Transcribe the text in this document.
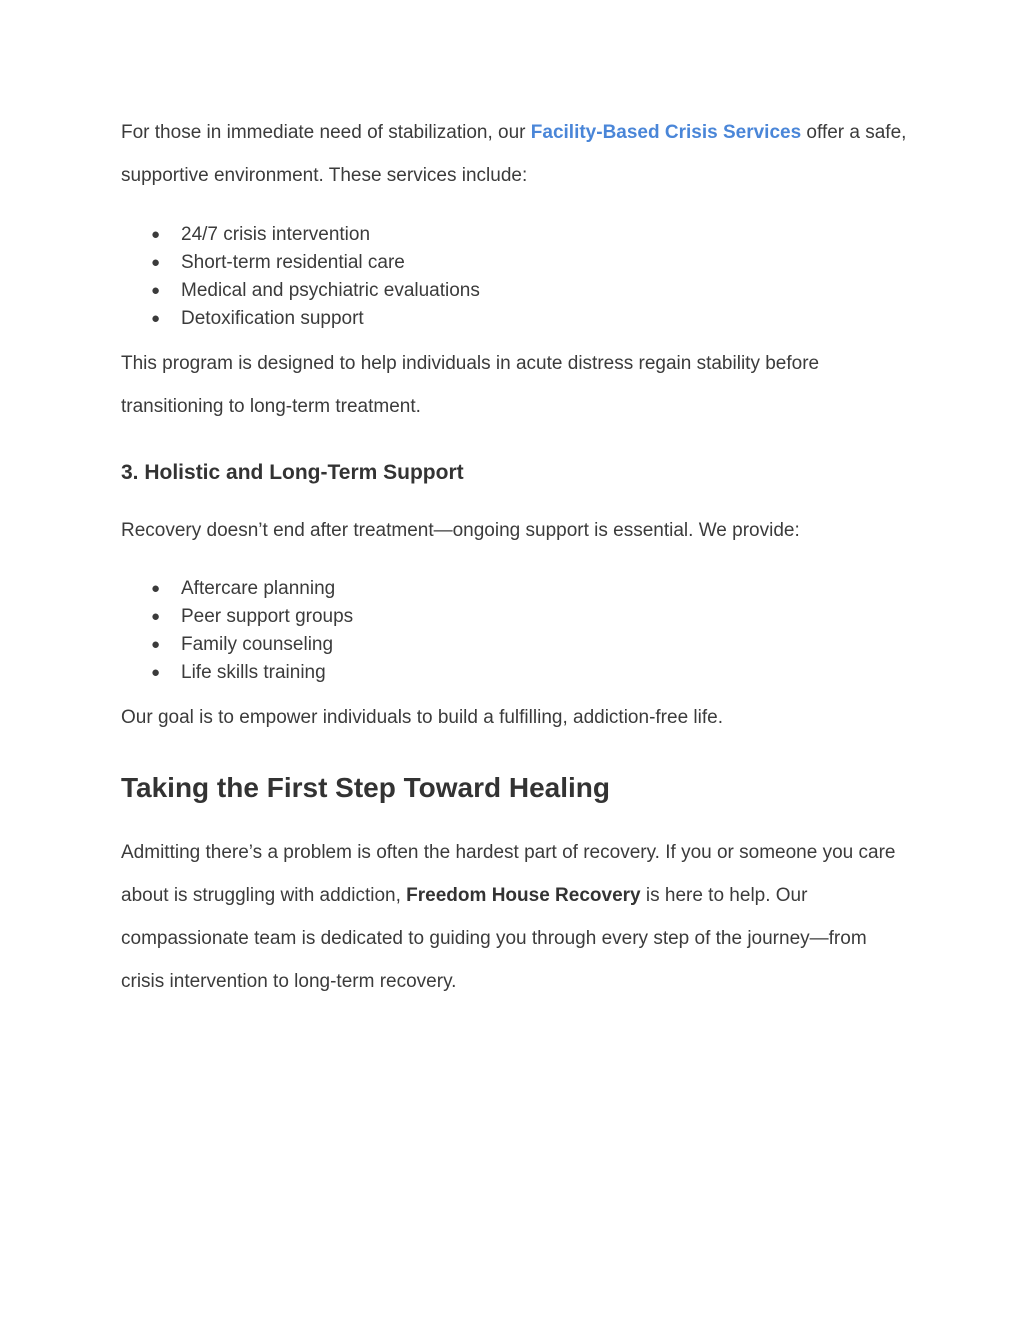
For those in immediate need of stabilization, our Facility-Based Crisis Services offer a safe, supportive environment. These services include:

● 24/7 crisis intervention
● Short-term residential care
● Medical and psychiatric evaluations
● Detoxification support

This program is designed to help individuals in acute distress regain stability before transitioning to long-term treatment.

3. Holistic and Long-Term Support

Recovery doesn’t end after treatment—ongoing support is essential. We provide:

● Aftercare planning
● Peer support groups
● Family counseling
● Life skills training

Our goal is to empower individuals to build a fulfilling, addiction-free life.

Taking the First Step Toward Healing

Admitting there’s a problem is often the hardest part of recovery. If you or someone you care about is struggling with addiction, Freedom House Recovery is here to help. Our compassionate team is dedicated to guiding you through every step of the journey—from crisis intervention to long-term recovery.
